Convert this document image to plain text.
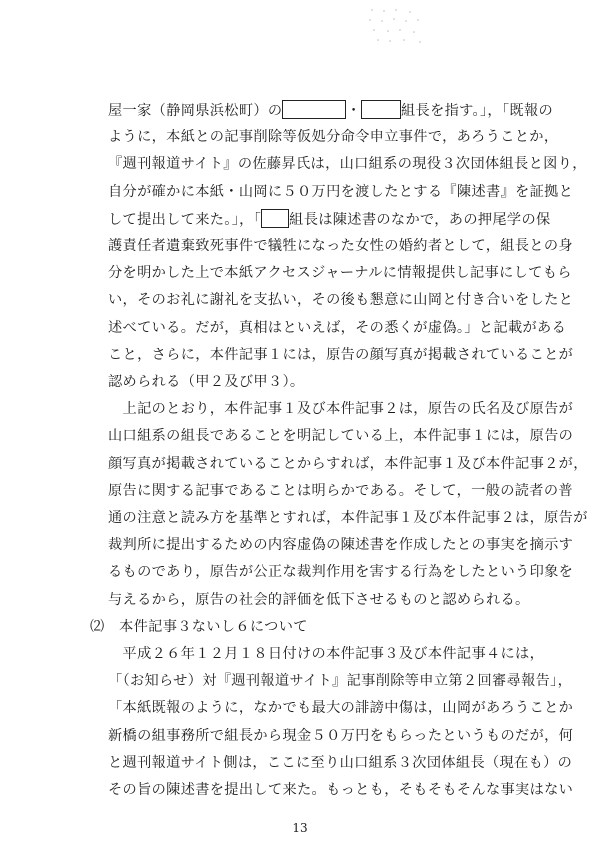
屋一家（静岡県浜松町）の	・	組長を指す。」，「既報の
ように，本紙との記事削除等仮処分命令申立事件で，あろうことか，
『週刊報道サイト』の佐藤昇氏は，山口組系の現役３次団体組長と図り，
自分が確かに本紙・山岡に５０万円を渡したとする『陳述書』を証拠と
して提出して来た。」，「 組長は陳述書のなかで，あの押尾学の保
護責任者遺棄致死事件で犠牲になった女性の婚約者として，組長との身
分を明かした上で本紙アクセスジャーナルに情報提供し記事にしてもら
い，そのお礼に謝礼を支払い，その後も懇意に山岡と付き合いをしたと
述べている。だが，真相はといえば，その悉くが虚偽。」と記載がある
こと，さらに，本件記事１には，原告の顔写真が掲載されていることが
認められる（甲２及び甲３）。
　上記のとおり，本件記事１及び本件記事２は，原告の氏名及び原告が
山口組系の組長であることを明記している上，本件記事１には，原告の
顔写真が掲載されていることからすれば，本件記事１及び本件記事２が，
原告に関する記事であることは明らかである。そして，一般の読者の普
通の注意と読み方を基準とすれば，本件記事１及び本件記事２は，原告が
裁判所に提出するための内容虚偽の陳述書を作成したとの事実を摘示す
るものであり，原告が公正な裁判作用を害する行為をしたという印象を
与えるから，原告の社会的評価を低下させるものと認められる。
⑵　本件記事３ないし６について
　平成２６年１２月１８日付けの本件記事３及び本件記事４には，
「（お知らせ）対『週刊報道サイト』記事削除等申立第２回審尋報告」，
「本紙既報のように，なかでも最大の誹謗中傷は，山岡があろうことか
新橋の組事務所で組長から現金５０万円をもらったというものだが，何
と週刊報道サイト側は，ここに至り山口組系３次団体組長（現在も）の
その旨の陳述書を提出して来た。もっとも，そもそもそんな事実はない
13
